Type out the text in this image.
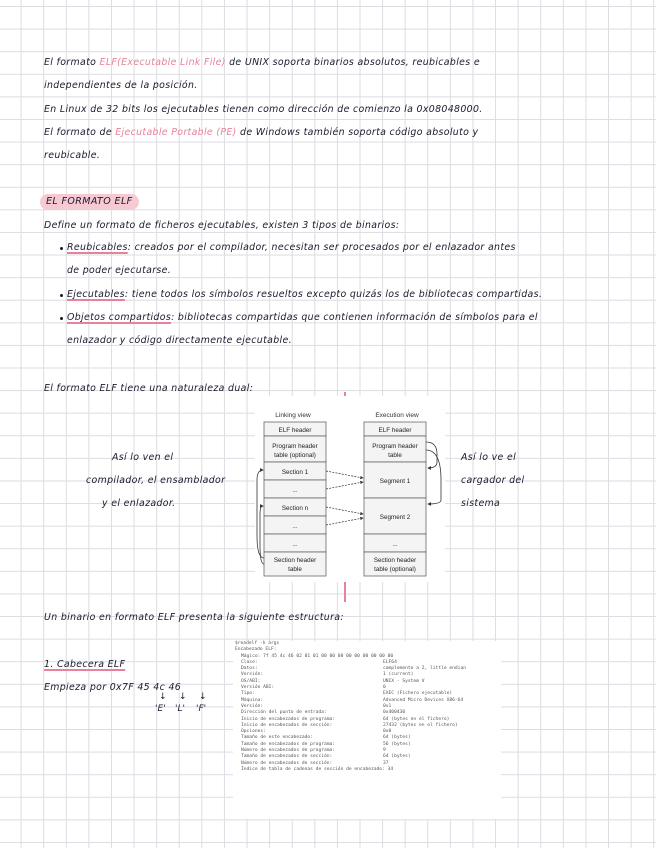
El formato ELF(Executable Link File) de UNIX soporta binarios absolutos, reubicables e
independientes de la posición.
En Linux de 32 bits los ejecutables tienen como dirección de comienzo la 0x08048000.
El formato de Ejecutable Portable (PE) de Windows también soporta código absoluto y
reubicable.
EL FORMATO ELF
Define un formato de ficheros ejecutables, existen 3 tipos de binarios:
Reubicables: creados por el compilador, necesitan ser procesados por el enlazador antes
de poder ejecutarse.
Ejecutables: tiene todos los símbolos resueltos excepto quizás los de bibliotecas compartidas.
Objetos compartidos: bibliotecas compartidas que contienen información de símbolos para el
enlazador y código directamente ejecutable.
El formato ELF tiene una naturaleza dual:
Así lo ven el
compilador, el ensamblador
y el enlazador.
Así lo ve el
cargador del
sistema
Linking view	Execution view
ELF header
Program header
table (optional)
Section 1
...
Section n
...
...
Section header
table
ELF header
Program header
table
Segment 1
Segment 2
...
Section header
table (optional)
Un binario en formato ELF presenta la siguiente estructura:
1. Cabecera ELF
Empieza por 0x7F 45 4c 46
↓ ↓ ↓
'E' 'L' 'F'
$readelf -h args
Encabezado ELF:
Mágico: 7f 45 4c 46 02 01 01 00 00 00 00 00 00 00 00 00
Clase:	ELF64
Datos:	complemento a 2, little endian
Versión:	1 (current)
OS/ABI:	UNIX - System V
Versión ABI:	0
Tipo:	EXEC (Fichero ejecutable)
Máquina:	Advanced Micro Devices X86-64
Versión:	0x1
Dirección del punto de entrada:	0x400430
Inicio de encabezados de programa:	64 (bytes en el fichero)
Inicio de encabezados de sección:	27432 (bytes en el fichero)
Opciones:	0x0
Tamaño de este encabezado:	64 (bytes)
Tamaño de encabezados de programa:	56 (bytes)
Número de encabezados de programa:	9
Tamaño de encabezados de sección:	64 (bytes)
Número de encabezados de sección:	37
Índice de tabla de cadenas de sección de encabezado: 34
